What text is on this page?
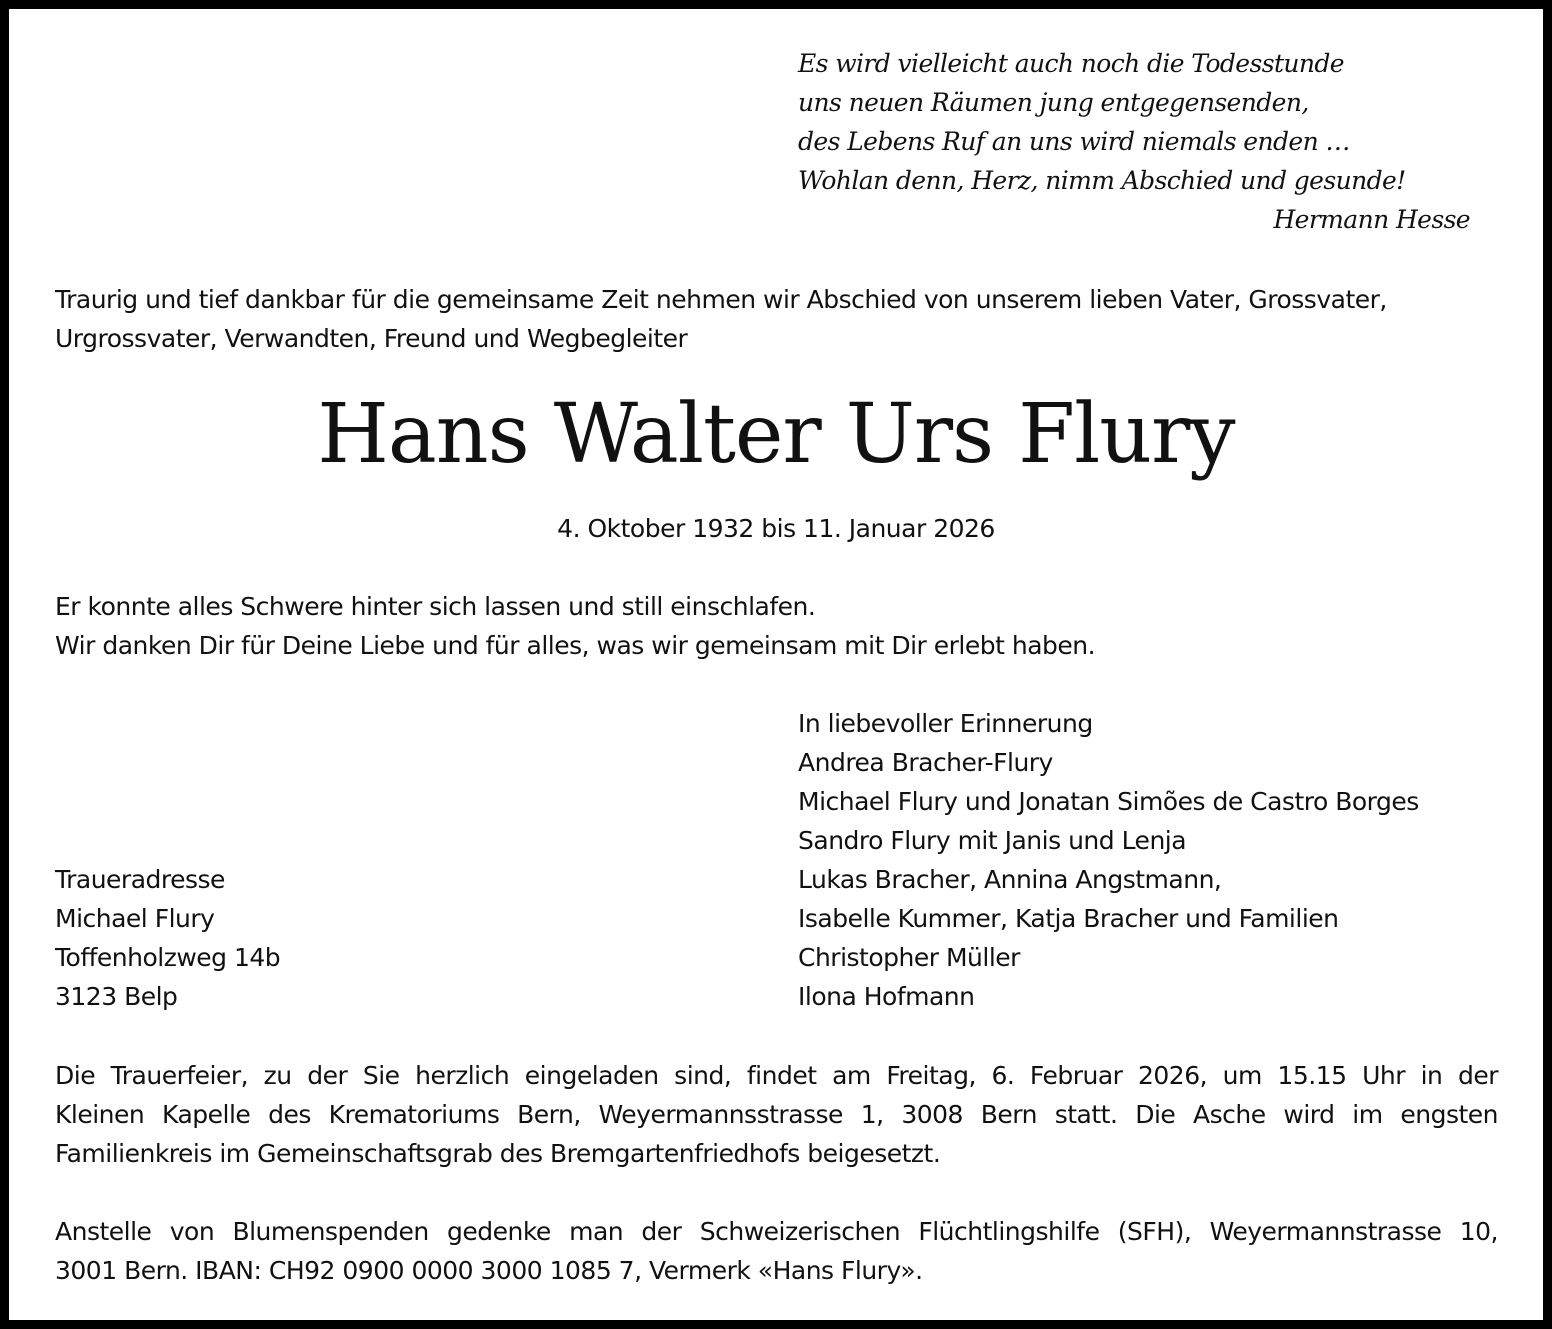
Es wird vielleicht auch noch die Todesstunde
uns neuen Räumen jung entgegensenden,
des Lebens Ruf an uns wird niemals enden …
Wohlan denn, Herz, nimm Abschied und gesunde!
Hermann Hesse
Traurig und tief dankbar für die gemeinsame Zeit nehmen wir Abschied von unserem lieben Vater, Grossvater,
Urgrossvater, Verwandten, Freund und Wegbegleiter
Hans Walter Urs Flury
4. Oktober 1932 bis 11. Januar 2026
Er konnte alles Schwere hinter sich lassen und still einschlafen.
Wir danken Dir für Deine Liebe und für alles, was wir gemeinsam mit Dir erlebt haben.
In liebevoller Erinnerung
Andrea Bracher-Flury
Michael Flury und Jonatan Simões de Castro Borges
Sandro Flury mit Janis und Lenja
Lukas Bracher, Annina Angstmann,
Isabelle Kummer, Katja Bracher und Familien
Christopher Müller
Ilona Hofmann
Traueradresse
Michael Flury
Toffenholzweg 14b
3123 Belp
Die Trauerfeier, zu der Sie herzlich eingeladen sind, findet am Freitag, 6. Februar 2026, um 15.15 Uhr in der
Kleinen Kapelle des Krematoriums Bern, Weyermannsstrasse 1, 3008 Bern statt. Die Asche wird im engsten
Familienkreis im Gemeinschaftsgrab des Bremgartenfriedhofs beigesetzt.
Anstelle von Blumenspenden gedenke man der Schweizerischen Flüchtlingshilfe (SFH), Weyermannstrasse 10,
3001 Bern. IBAN: CH92 0900 0000 3000 1085 7, Vermerk «Hans Flury».
